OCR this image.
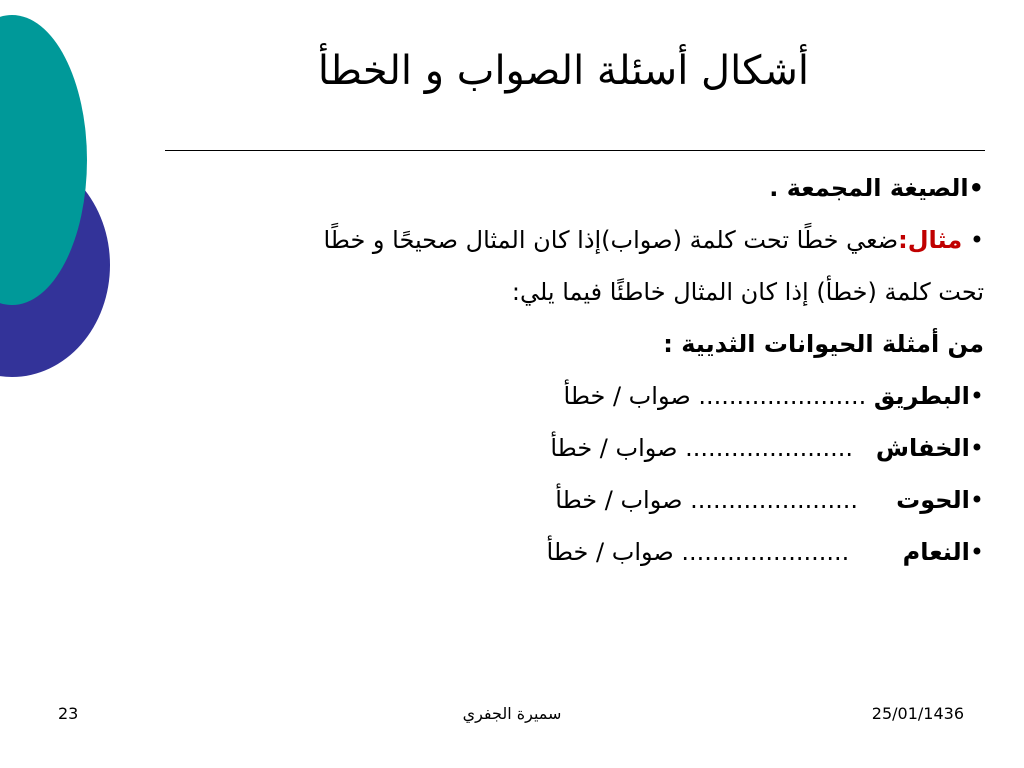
أشكال أسئلة الصواب و الخطأ
•الصيغة المجمعة .
• مثال:ضعي خطًا تحت كلمة (صواب)إذا كان المثال صحيحًا و خطًا
تحت كلمة (خطأ) إذا كان المثال خاطئًا فيما يلي:
من أمثلة الحيوانات الثديية :
•البطريق ...................... صواب / خطأ
•الخفاش   ...................... صواب / خطأ
•الحوت     ...................... صواب / خطأ
•النعام       ...................... صواب / خطأ
23	سميرة الجفري	25/01/1436
